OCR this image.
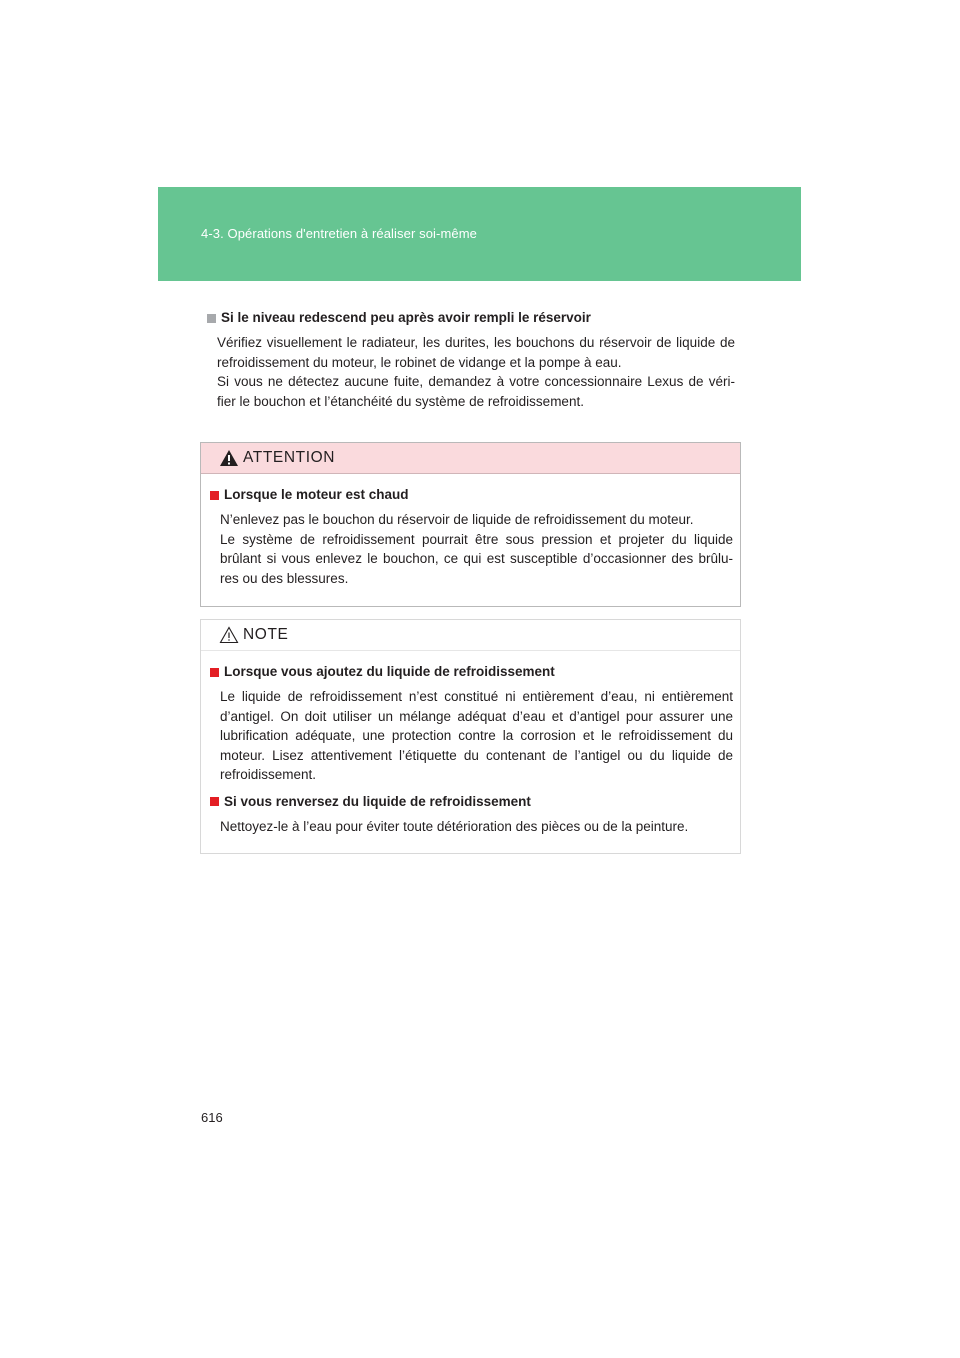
4-3. Opérations d'entretien à réaliser soi-même
Si le niveau redescend peu après avoir rempli le réservoir

Vérifiez visuellement le radiateur, les durites, les bouchons du réservoir de liquide de refroidissement du moteur, le robinet de vidange et la pompe à eau.

Si vous ne détectez aucune fuite, demandez à votre concessionnaire Lexus de véri-fier le bouchon et l’étanchéité du système de refroidissement.

ATTENTION
Lorsque le moteur est chaud

N’enlevez pas le bouchon du réservoir de liquide de refroidissement du moteur.

Le système de refroidissement pourrait être sous pression et projeter du liquide brûlant si vous enlevez le bouchon, ce qui est susceptible d’occasionner des brûlu-res ou des blessures.

NOTE
Lorsque vous ajoutez du liquide de refroidissement
Le liquide de refroidissement n’est constitué ni entièrement d’eau, ni entièrement d’antigel. On doit utiliser un mélange adéquat d’eau et d’antigel pour assurer une lubrification adéquate, une protection contre la corrosion et le refroidissement du moteur. Lisez attentivement l’étiquette du contenant de l’antigel ou du liquide de refroidissement.
Si vous renversez du liquide de refroidissement
Nettoyez-le à l’eau pour éviter toute détérioration des pièces ou de la peinture.
616
